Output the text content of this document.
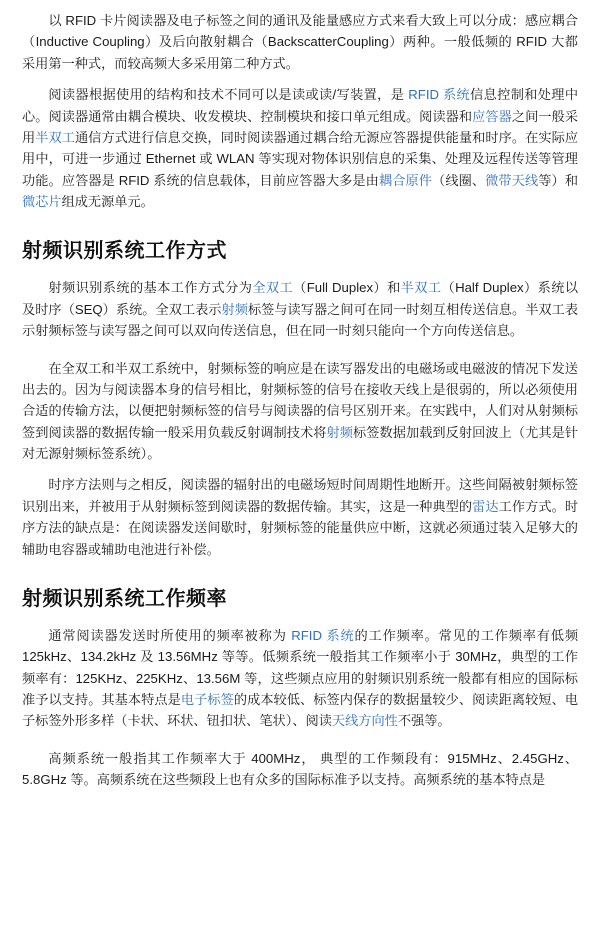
以 RFID 卡片阅读器及电子标签之间的通讯及能量感应方式来看大致上可以分成：感应耦合（Inductive Coupling）及后向散射耦合（BackscatterCoupling）两种。一般低频的 RFID 大都采用第一种式，而较高频大多采用第二种方式。

阅读器根据使用的结构和技术不同可以是读或读/写装置，是 RFID 系统信息控制和处理中心。阅读器通常由耦合模块、收发模块、控制模块和接口单元组成。阅读器和应答器之间一般采用半双工通信方式进行信息交换，同时阅读器通过耦合给无源应答器提供能量和时序。在实际应用中，可进一步通过 Ethernet 或 WLAN 等实现对物体识别信息的采集、处理及远程传送等管理功能。应答器是 RFID 系统的信息载体，目前应答器大多是由耦合原件（线圈、微带天线等）和微芯片组成无源单元。

射频识别系统工作方式

射频识别系统的基本工作方式分为全双工（Full Duplex）和半双工（Half Duplex）系统以及时序（SEQ）系统。全双工表示射频标签与读写器之间可在同一时刻互相传送信息。半双工表示射频标签与读写器之间可以双向传送信息，但在同一时刻只能向一个方向传送信息。

在全双工和半双工系统中，射频标签的响应是在读写器发出的电磁场或电磁波的情况下发送出去的。因为与阅读器本身的信号相比，射频标签的信号在接收天线上是很弱的，所以必须使用合适的传输方法，以便把射频标签的信号与阅读器的信号区别开来。在实践中，人们对从射频标签到阅读器的数据传输一般采用负载反射调制技术将射频标签数据加载到反射回波上（尤其是针对无源射频标签系统）。

时序方法则与之相反，阅读器的辐射出的电磁场短时间周期性地断开。这些间隔被射频标签识别出来，并被用于从射频标签到阅读器的数据传输。其实，这是一种典型的雷达工作方式。时序方法的缺点是：在阅读器发送间歇时，射频标签的能量供应中断，这就必须通过装入足够大的辅助电容器或辅助电池进行补偿。

射频识别系统工作频率

通常阅读器发送时所使用的频率被称为 RFID 系统的工作频率。常见的工作频率有低频125kHz、134.2kHz 及 13.56MHz 等等。低频系统一般指其工作频率小于 30MHz，典型的工作频率有：125KHz、225KHz、13.56M 等，这些频点应用的射频识别系统一般都有相应的国际标准予以支持。其基本特点是电子标签的成本较低、标签内保存的数据量较少、阅读距离较短、电子标签外形多样（卡状、环状、钮扣状、笔状）、阅读天线方向性不强等。

高频系统一般指其工作频率大于 400MHz， 典型的工作频段有：915MHz、2.45GHz、5.8GHz 等。高频系统在这些频段上也有众多的国际标准予以支持。高频系统的基本特点是
